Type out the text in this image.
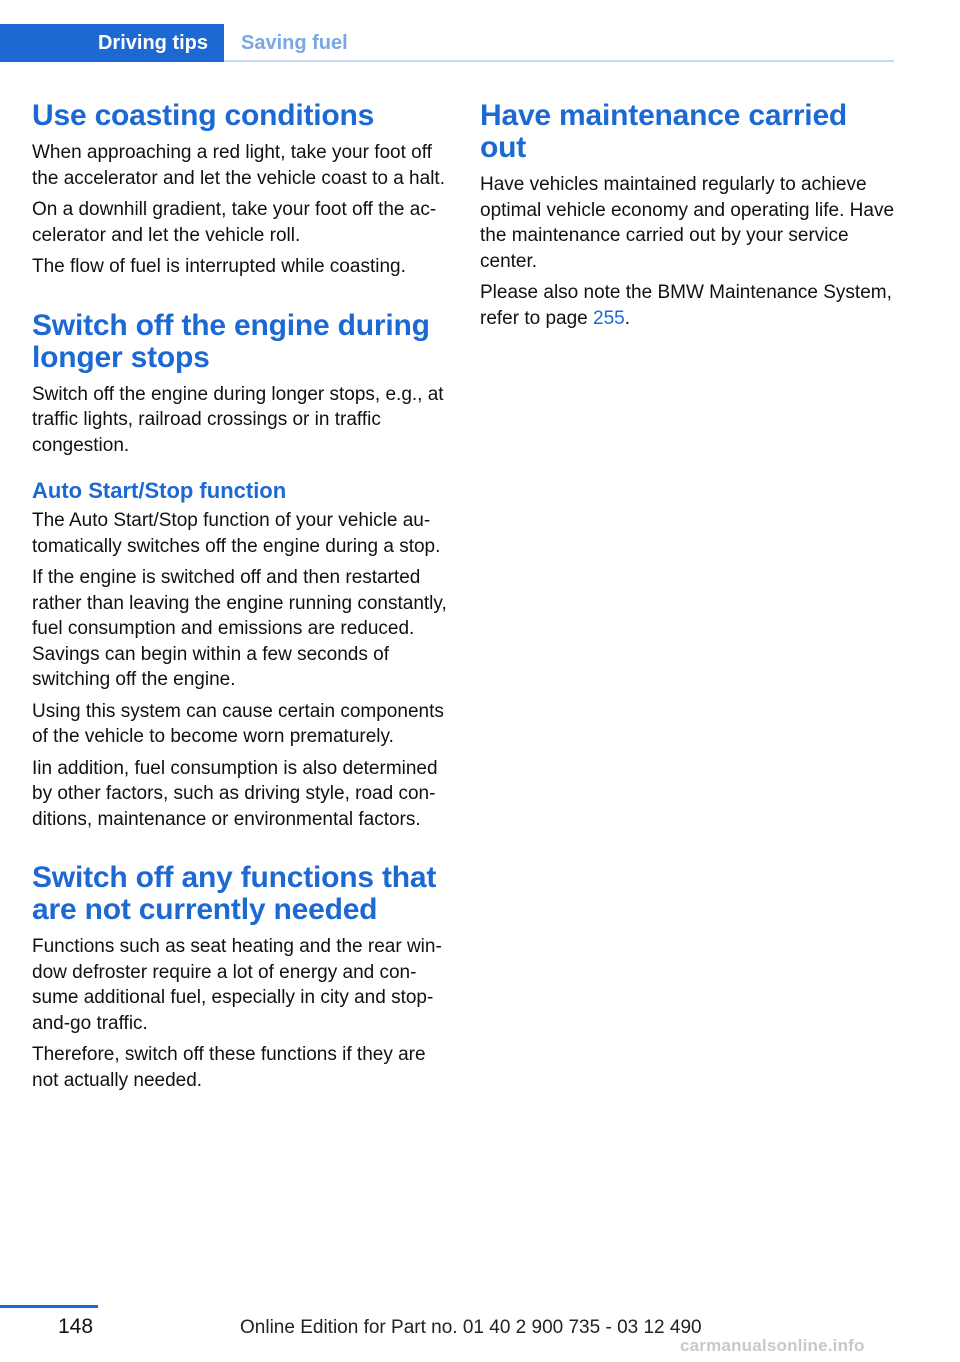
Driving tips Saving fuel
Use coasting conditions

When approaching a red light, take your foot off the accelerator and let the vehicle coast to a halt.

On a downhill gradient, take your foot off the accelerator and let the vehicle roll.

The flow of fuel is interrupted while coasting.

Switch off the engine during longer stops

Switch off the engine during longer stops, e.g., at traffic lights, railroad crossings or in traffic congestion.

Auto Start/Stop function

The Auto Start/Stop function of your vehicle automatically switches off the engine during a stop.

If the engine is switched off and then restarted rather than leaving the engine running constantly, fuel consumption and emissions are reduced. Savings can begin within a few seconds of switching off the engine.

Using this system can cause certain components of the vehicle to become worn prematurely.

Iin addition, fuel consumption is also determined by other factors, such as driving style, road conditions, maintenance or environmental factors.

Switch off any functions that are not currently needed

Functions such as seat heating and the rear window defroster require a lot of energy and consume additional fuel, especially in city and stop-and-go traffic.

Therefore, switch off these functions if they are not actually needed.

Have maintenance carried out

Have vehicles maintained regularly to achieve optimal vehicle economy and operating life. Have the maintenance carried out by your service center.

Please also note the BMW Maintenance System, refer to page 255.

148	Online Edition for Part no. 01 40 2 900 735 - 03 12 490
carmanualsonline.info
